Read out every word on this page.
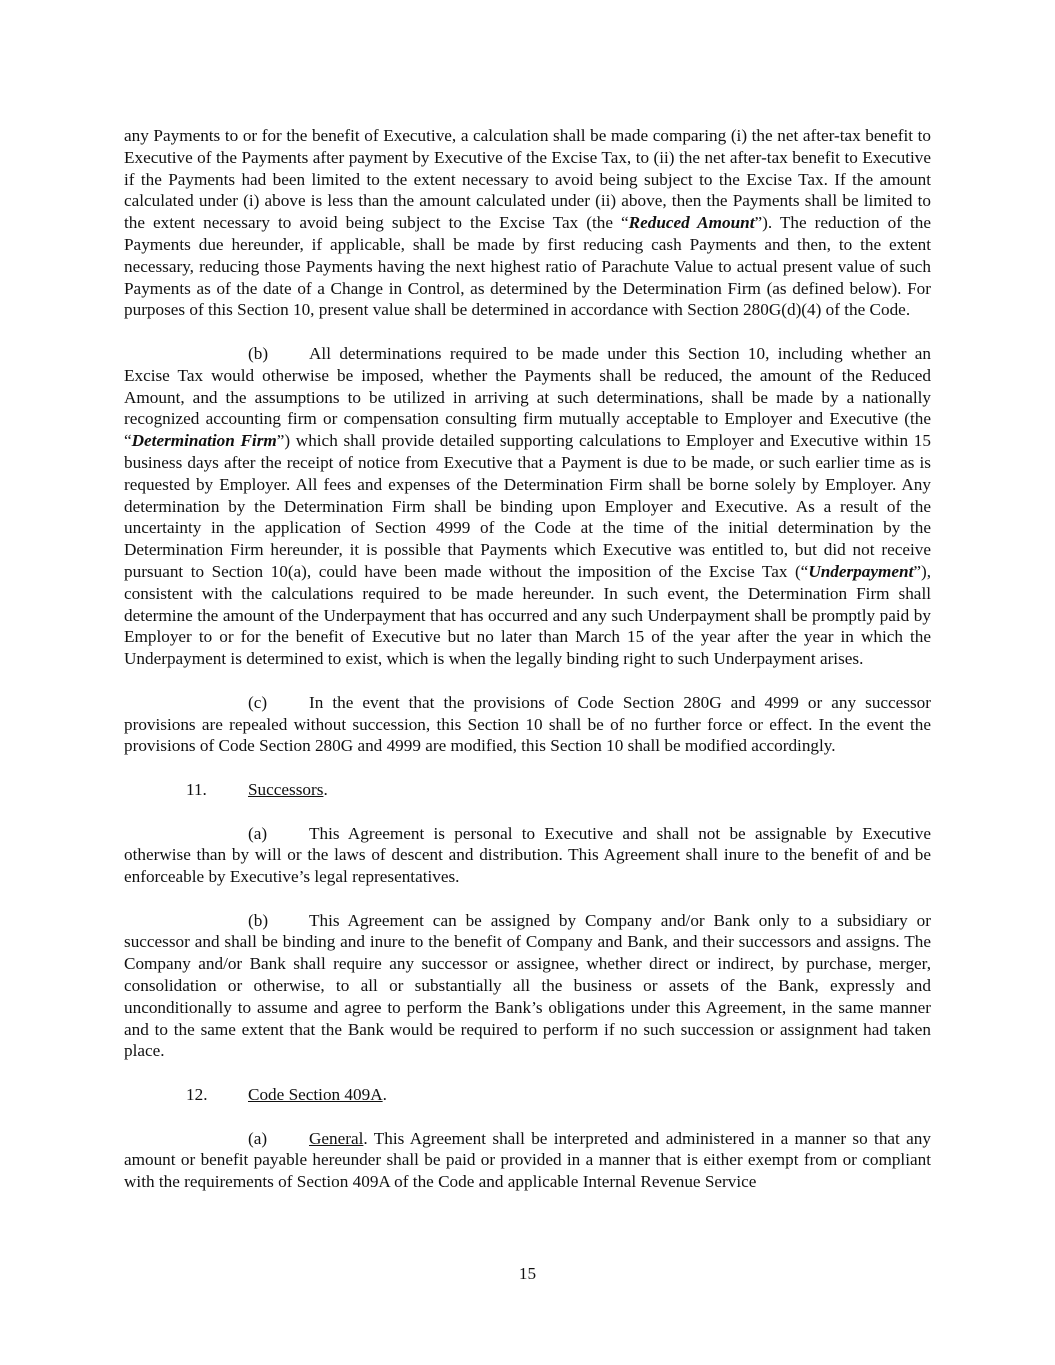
any Payments to or for the benefit of Executive, a calculation shall be made comparing (i) the net after-tax benefit to Executive of the Payments after payment by Executive of the Excise Tax, to (ii) the net after-tax benefit to Executive if the Payments had been limited to the extent necessary to avoid being subject to the Excise Tax. If the amount calculated under (i) above is less than the amount calculated under (ii) above, then the Payments shall be limited to the extent necessary to avoid being subject to the Excise Tax (the “Reduced Amount”). The reduction of the Payments due hereunder, if applicable, shall be made by first reducing cash Payments and then, to the extent necessary, reducing those Payments having the next highest ratio of Parachute Value to actual present value of such Payments as of the date of a Change in Control, as determined by the Determination Firm (as defined below). For purposes of this Section 10, present value shall be determined in accordance with Section 280G(d)(4) of the Code.

(b) All determinations required to be made under this Section 10, including whether an Excise Tax would otherwise be imposed, whether the Payments shall be reduced, the amount of the Reduced Amount, and the assumptions to be utilized in arriving at such determinations, shall be made by a nationally recognized accounting firm or compensation consulting firm mutually acceptable to Employer and Executive (the “Determination Firm”) which shall provide detailed supporting calculations to Employer and Executive within 15 business days after the receipt of notice from Executive that a Payment is due to be made, or such earlier time as is requested by Employer. All fees and expenses of the Determination Firm shall be borne solely by Employer. Any determination by the Determination Firm shall be binding upon Employer and Executive. As a result of the uncertainty in the application of Section 4999 of the Code at the time of the initial determination by the Determination Firm hereunder, it is possible that Payments which Executive was entitled to, but did not receive pursuant to Section 10(a), could have been made without the imposition of the Excise Tax (“Underpayment”), consistent with the calculations required to be made hereunder. In such event, the Determination Firm shall determine the amount of the Underpayment that has occurred and any such Underpayment shall be promptly paid by Employer to or for the benefit of Executive but no later than March 15 of the year after the year in which the Underpayment is determined to exist, which is when the legally binding right to such Underpayment arises.

(c) In the event that the provisions of Code Section 280G and 4999 or any successor provisions are repealed without succession, this Section 10 shall be of no further force or effect. In the event the provisions of Code Section 280G and 4999 are modified, this Section 10 shall be modified accordingly.

11. Successors.

(a) This Agreement is personal to Executive and shall not be assignable by Executive otherwise than by will or the laws of descent and distribution. This Agreement shall inure to the benefit of and be enforceable by Executive’s legal representatives.

(b) This Agreement can be assigned by Company and/or Bank only to a subsidiary or successor and shall be binding and inure to the benefit of Company and Bank, and their successors and assigns. The Company and/or Bank shall require any successor or assignee, whether direct or indirect, by purchase, merger, consolidation or otherwise, to all or substantially all the business or assets of the Bank, expressly and unconditionally to assume and agree to perform the Bank’s obligations under this Agreement, in the same manner and to the same extent that the Bank would be required to perform if no such succession or assignment had taken place.

12. Code Section 409A.

(a) General. This Agreement shall be interpreted and administered in a manner so that any amount or benefit payable hereunder shall be paid or provided in a manner that is either exempt from or compliant with the requirements of Section 409A of the Code and applicable Internal Revenue Service

15
